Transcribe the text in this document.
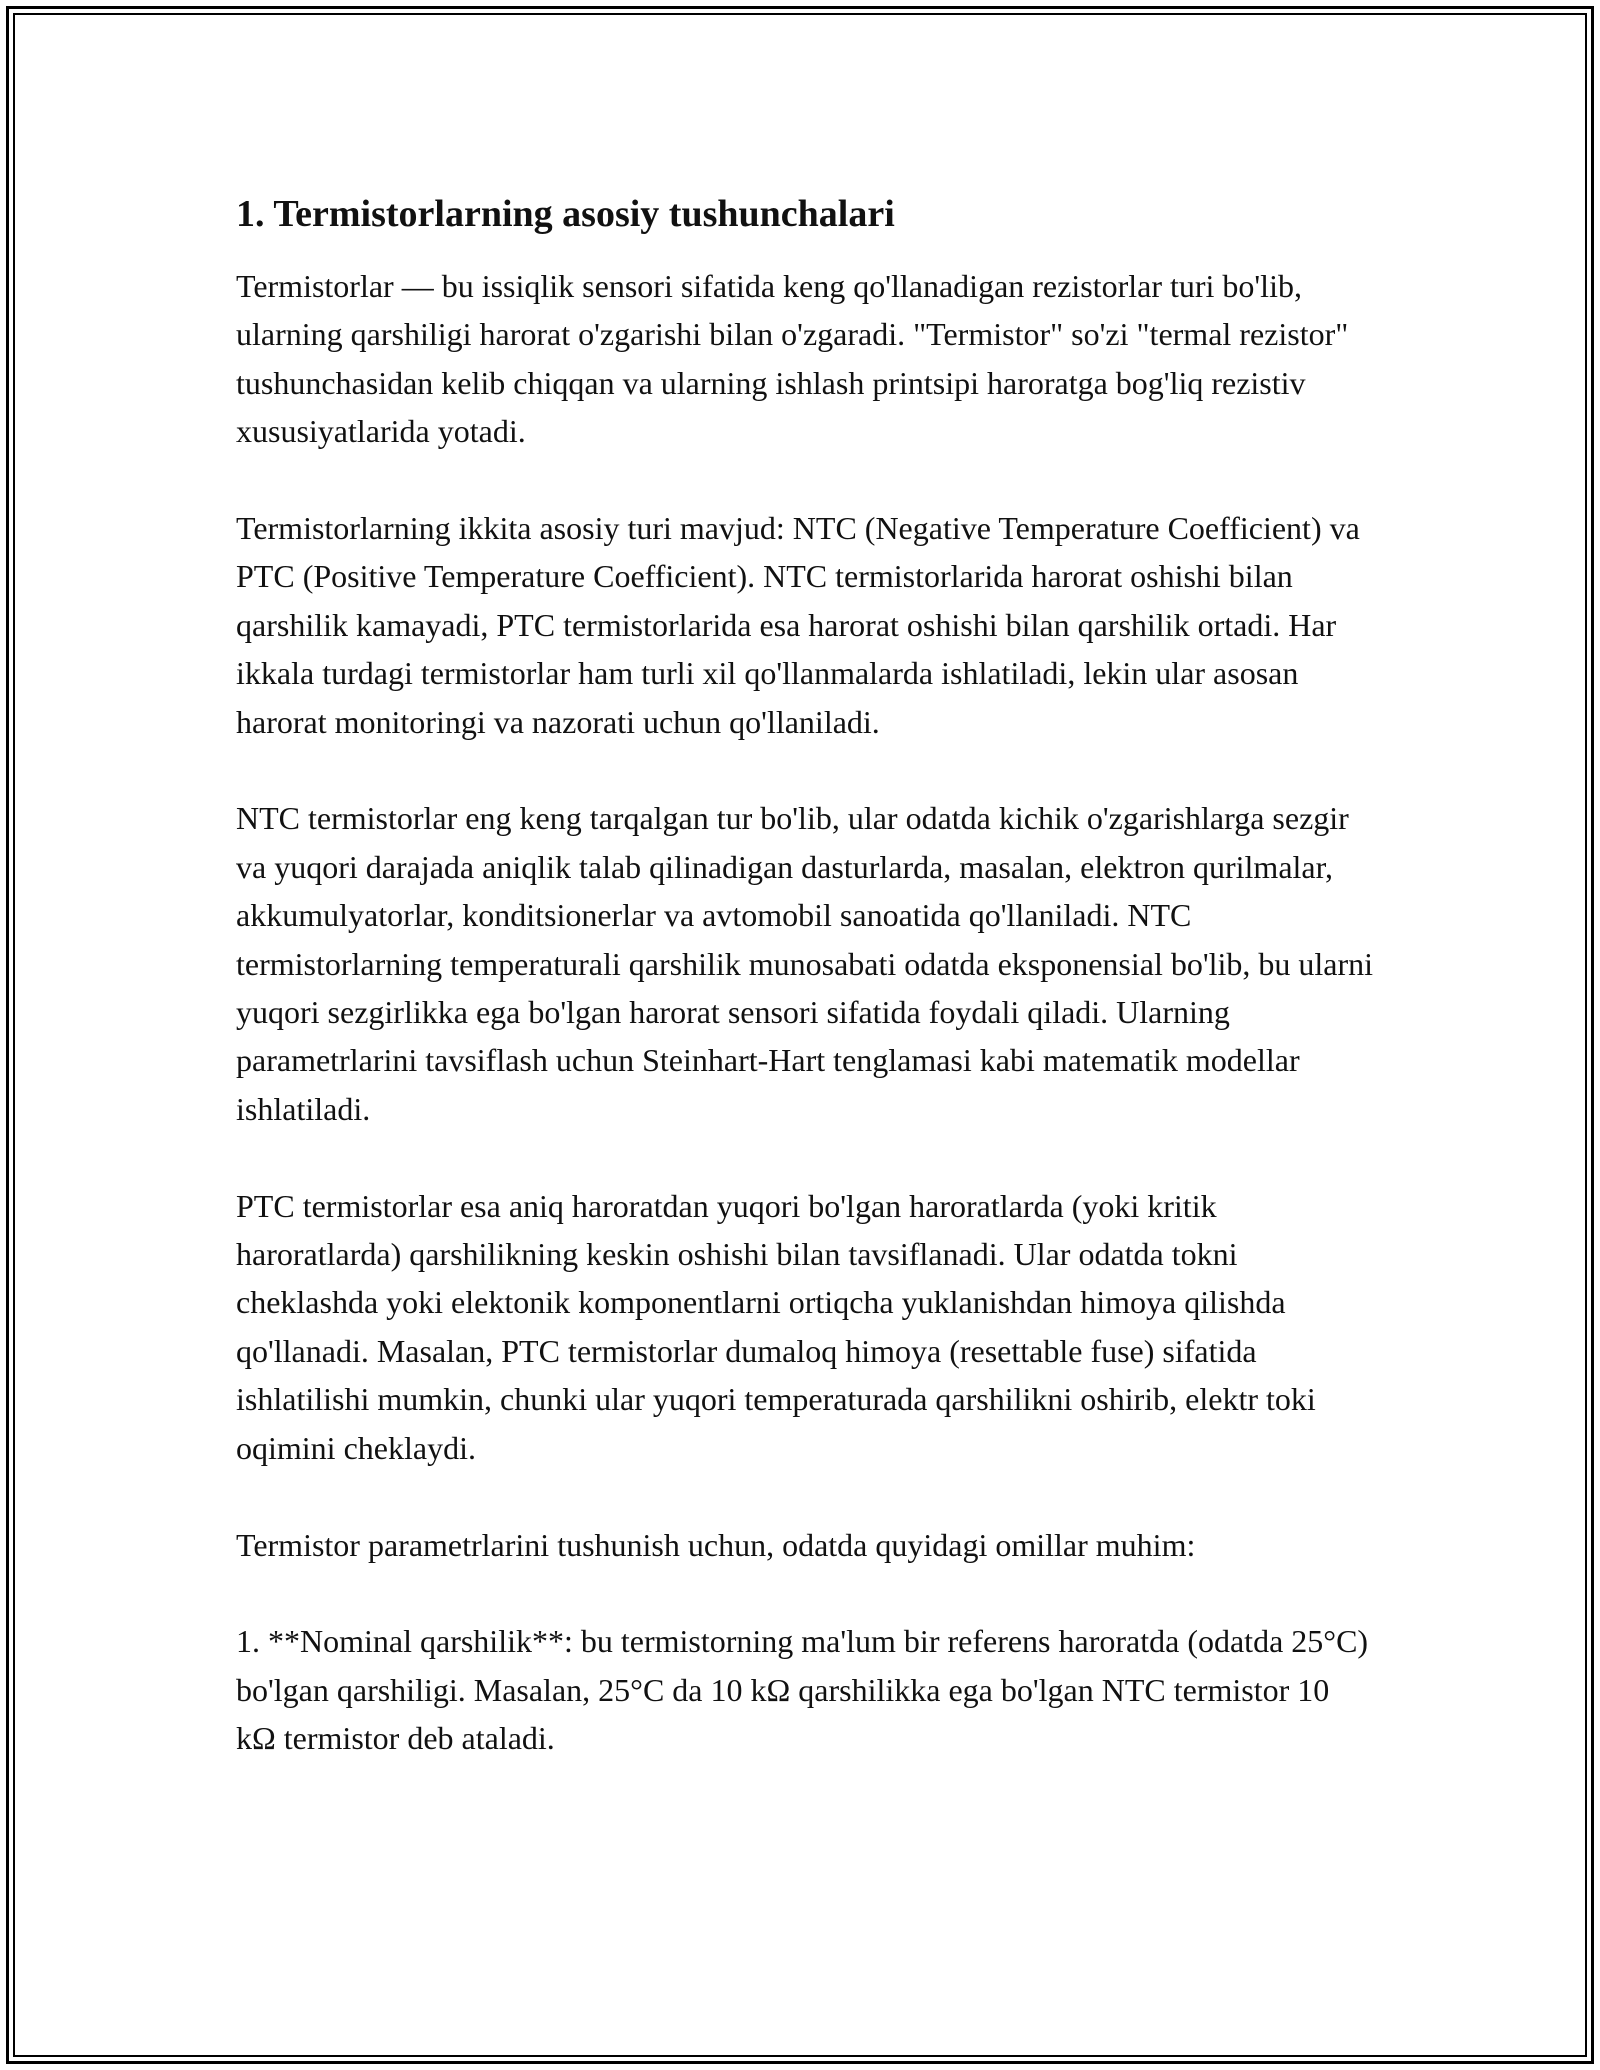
1. Termistorlarning asosiy tushunchalari

Termistorlar — bu issiqlik sensori sifatida keng qo'llanadigan rezistorlar turi bo'lib, ularning qarshiligi harorat o'zgarishi bilan o'zgaradi. "Termistor" so'zi "termal rezistor" tushunchasidan kelib chiqqan va ularning ishlash printsipi haroratga bog'liq rezistiv xususiyatlarida yotadi.

Termistorlarning ikkita asosiy turi mavjud: NTC (Negative Temperature Coefficient) va PTC (Positive Temperature Coefficient). NTC termistorlarida harorat oshishi bilan qarshilik kamayadi, PTC termistorlarida esa harorat oshishi bilan qarshilik ortadi. Har ikkala turdagi termistorlar ham turli xil qo'llanmalarda ishlatiladi, lekin ular asosan harorat monitoringi va nazorati uchun qo'llaniladi.

NTC termistorlar eng keng tarqalgan tur bo'lib, ular odatda kichik o'zgarishlarga sezgir va yuqori darajada aniqlik talab qilinadigan dasturlarda, masalan, elektron qurilmalar, akkumulyatorlar, konditsionerlar va avtomobil sanoatida qo'llaniladi. NTC termistorlarning temperaturali qarshilik munosabati odatda eksponensial bo'lib, bu ularni yuqori sezgirlikka ega bo'lgan harorat sensori sifatida foydali qiladi. Ularning parametrlarini tavsiflash uchun Steinhart-Hart tenglamasi kabi matematik modellar ishlatiladi.

PTC termistorlar esa aniq haroratdan yuqori bo'lgan haroratlarda (yoki kritik haroratlarda) qarshilikning keskin oshishi bilan tavsiflanadi. Ular odatda tokni cheklashda yoki elektonik komponentlarni ortiqcha yuklanishdan himoya qilishda qo'llanadi. Masalan, PTC termistorlar dumaloq himoya (resettable fuse) sifatida ishlatilishi mumkin, chunki ular yuqori temperaturada qarshilikni oshirib, elektr toki oqimini cheklaydi.

Termistor parametrlarini tushunish uchun, odatda quyidagi omillar muhim:

1. **Nominal qarshilik**: bu termistorning ma'lum bir referens haroratda (odatda 25°C) bo'lgan qarshiligi. Masalan, 25°C da 10 kΩ qarshilikka ega bo'lgan NTC termistor 10 kΩ termistor deb ataladi.
